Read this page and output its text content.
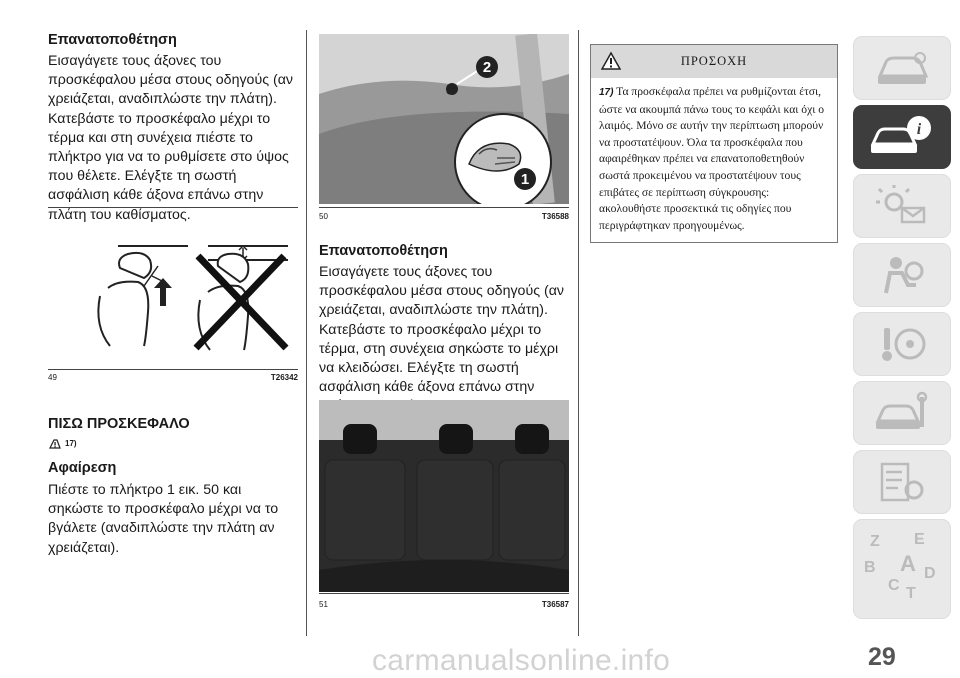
Επανατοποθέτηση

Εισαγάγετε τους άξονες του προσκέφαλου μέσα στους οδηγούς (αν χρειάζεται, αναδιπλώστε την πλάτη). Κατεβάστε το προσκέφαλο μέχρι το τέρμα και στη συνέχεια πιέστε το πλήκτρο για να το ρυθμίσετε στο ύψος που θέλετε. Ελέγξτε τη σωστή ασφάλιση κάθε άξονα επάνω στην πλάτη του καθίσματος.

49	T26342
ΠΙΣΩ ΠΡΟΣΚΕΦΑΛΟ
17)
Αφαίρεση

Πιέστε το πλήκτρο 1 εικ. 50 και σηκώστε το προσκέφαλο μέχρι να το βγάλετε (αναδιπλώστε την πλάτη αν χρειάζεται).

2
1
50	T36588
Επανατοποθέτηση

Εισαγάγετε τους άξονες του προσκέφαλου μέσα στους οδηγούς (αν χρειάζεται, αναδιπλώστε την πλάτη). Κατεβάστε το προσκέφαλο μέχρι το τέρμα, στη συνέχεια σηκώστε το μέχρι να κλειδώσει. Ελέγξτε τη σωστή ασφάλιση κάθε άξονα επάνω στην

51	T36587
ΠΡΟΣΟΧΗ
17) Τα προσκέφαλα πρέπει να ρυθμίζονται έτσι, ώστε να ακουμπά πάνω τους το κεφάλι και όχι ο λαιμός. Μόνο σε αυτήν την περίπτωση μπορούν να προστατέψουν. Όλα τα προσκέφαλα που αφαιρέθηκαν πρέπει να επανατοποθετηθούν σωστά προκειμένου να προστατέψουν τους επιβάτες σε περίπτωση σύγκρουσης: ακολουθήστε προσεκτικά τις οδηγίες που περιγράφτηκαν προηγουμένως.
i
Z E
B
C
A
T
D
carmanualsonline.info	29
